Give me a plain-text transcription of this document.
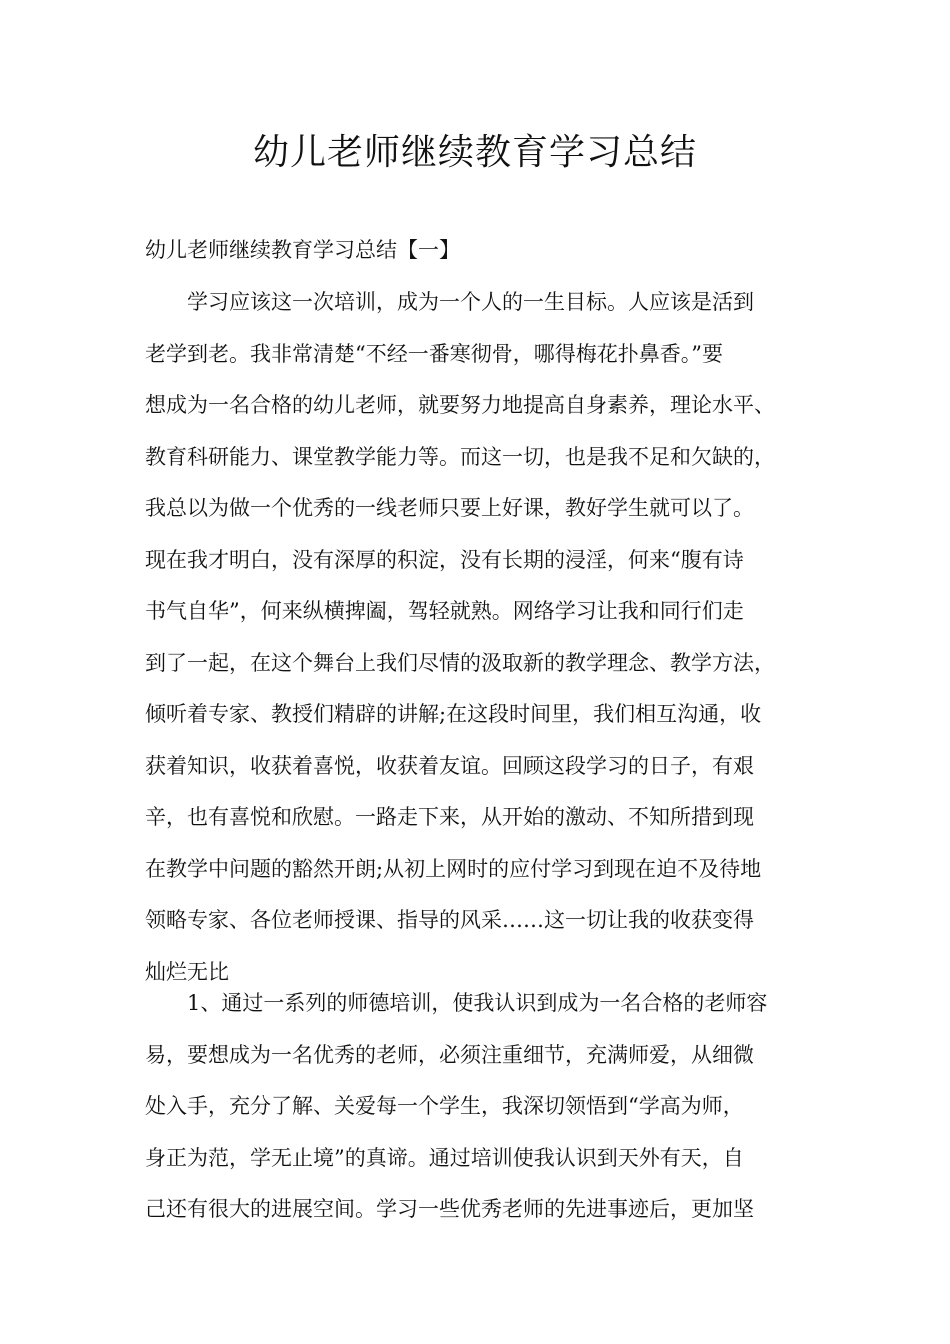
幼儿老师继续教育学习总结

幼儿老师继续教育学习总结【一】

　　学习应该这一次培训，成为一个人的一生目标。人应该是活到
老学到老。我非常清楚“不经一番寒彻骨，哪得梅花扑鼻香。”要
想成为一名合格的幼儿老师，就要努力地提高自身素养，理论水平、
教育科研能力、课堂教学能力等。而这一切，也是我不足和欠缺的，
我总以为做一个优秀的一线老师只要上好课，教好学生就可以了。
现在我才明白，没有深厚的积淀，没有长期的浸淫，何来“腹有诗
书气自华”，何来纵横捭阖，驾轻就熟。网络学习让我和同行们走
到了一起，在这个舞台上我们尽情的汲取新的教学理念、教学方法，
倾听着专家、教授们精辟的讲解;在这段时间里，我们相互沟通，收
获着知识，收获着喜悦，收获着友谊。回顾这段学习的日子，有艰
辛，也有喜悦和欣慰。一路走下来，从开始的激动、不知所措到现
在教学中问题的豁然开朗;从初上网时的应付学习到现在迫不及待地
领略专家、各位老师授课、指导的风采……这一切让我的收获变得
灿烂无比
　　1、通过一系列的师德培训，使我认识到成为一名合格的老师容
易，要想成为一名优秀的老师，必须注重细节，充满师爱，从细微
处入手，充分了解、关爱每一个学生，我深切领悟到“学高为师，
身正为范，学无止境”的真谛。通过培训使我认识到天外有天，自
己还有很大的进展空间。学习一些优秀老师的先进事迹后，更加坚
